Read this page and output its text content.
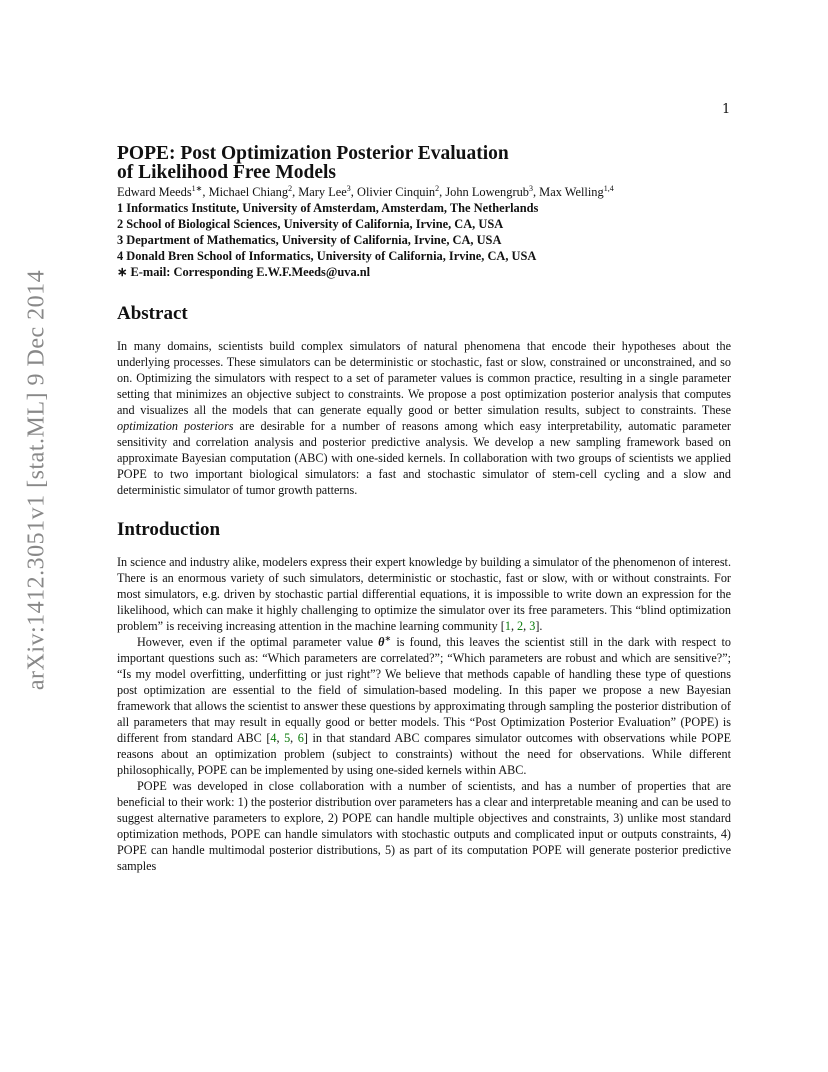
1
arXiv:1412.3051v1 [stat.ML] 9 Dec 2014
POPE: Post Optimization Posterior Evaluation
of Likelihood Free Models
Edward Meeds$^{1∗}$, Michael Chiang$^2$, Mary Lee$^3$, Olivier Cinquin$^2$, John Lowengrub$^3$, Max Welling$^{1,4}$
1 Informatics Institute, University of Amsterdam, Amsterdam, The Netherlands
2 School of Biological Sciences, University of California, Irvine, CA, USA
3 Department of Mathematics, University of California, Irvine, CA, USA
4 Donald Bren School of Informatics, University of California, Irvine, CA, USA
∗ E-mail: Corresponding E.W.F.Meeds@uva.nl
Abstract

In many domains, scientists build complex simulators of natural phenomena that encode their hypotheses about the underlying processes. These simulators can be deterministic or stochastic, fast or slow, constrained or unconstrained, and so on. Optimizing the simulators with respect to a set of parameter values is common practice, resulting in a single parameter setting that minimizes an objective subject to constraints. We propose a post optimization posterior analysis that computes and visualizes all the models that can generate equally good or better simulation results, subject to constraints. These optimization posteriors are desirable for a number of reasons among which easy interpretability, automatic parameter sensitivity and correlation analysis and posterior predictive analysis. We develop a new sampling framework based on approximate Bayesian computation (ABC) with one-sided kernels. In collaboration with two groups of scientists we applied POPE to two important biological simulators: a fast and stochastic simulator of stem-cell cycling and a slow and deterministic simulator of tumor growth patterns.

Introduction

In science and industry alike, modelers express their expert knowledge by building a simulator of the phenomenon of interest. There is an enormous variety of such simulators, deterministic or stochastic, fast or slow, with or without constraints. For most simulators, e.g. driven by stochastic partial differential equations, it is impossible to write down an expression for the likelihood, which can make it highly challenging to optimize the simulator over its free parameters. This “blind optimization problem” is receiving increasing attention in the machine learning community [1, 2, 3].

However, even if the optimal parameter value θ∗ is found, this leaves the scientist still in the dark with respect to important questions such as: “Which parameters are correlated?”; “Which parameters are robust and which are sensitive?”; “Is my model overfitting, underfitting or just right”? We believe that methods capable of handling these type of questions post optimization are essential to the field of simulation-based modeling. In this paper we propose a new Bayesian framework that allows the scientist to answer these questions by approximating through sampling the posterior distribution of all parameters that may result in equally good or better models. This “Post Optimization Posterior Evaluation” (POPE) is different from standard ABC [4, 5, 6] in that standard ABC compares simulator outcomes with observations while POPE reasons about an optimization problem (subject to constraints) without the need for observations. While different philosophically, POPE can be implemented by using one-sided kernels within ABC.

POPE was developed in close collaboration with a number of scientists, and has a number of properties that are beneficial to their work: 1) the posterior distribution over parameters has a clear and interpretable meaning and can be used to suggest alternative parameters to explore, 2) POPE can handle multiple objectives and constraints, 3) unlike most standard optimization methods, POPE can handle simulators with stochastic outputs and complicated input or outputs constraints, 4) POPE can handle multimodal posterior distributions, 5) as part of its computation POPE will generate posterior predictive samples
